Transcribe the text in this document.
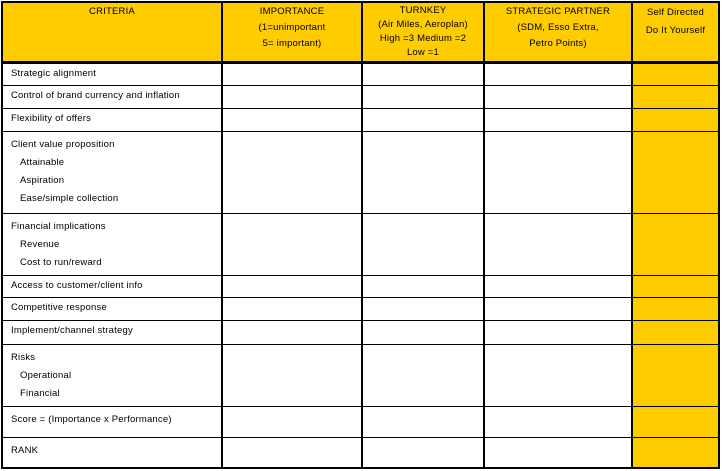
CRITERIA	IMPORTANCE
(1=unimportant
5= important)
TURNKEY
(Air Miles, Aeroplan)
High =3 Medium =2
Low =1
STRATEGIC PARTNER
(SDM, Esso Extra,
Petro Points)
Self Directed
Do It Yourself
Strategic alignment
Control of brand currency and inflation
Flexibility of offers
Client value proposition
Attainable
Aspiration
Ease/simple collection
Financial implications
Revenue
Cost to run/reward
Access to customer/client info
Competitive response
Implement/channel strategy
Risks
Operational
Financial
Score = (Importance x Performance)
RANK
